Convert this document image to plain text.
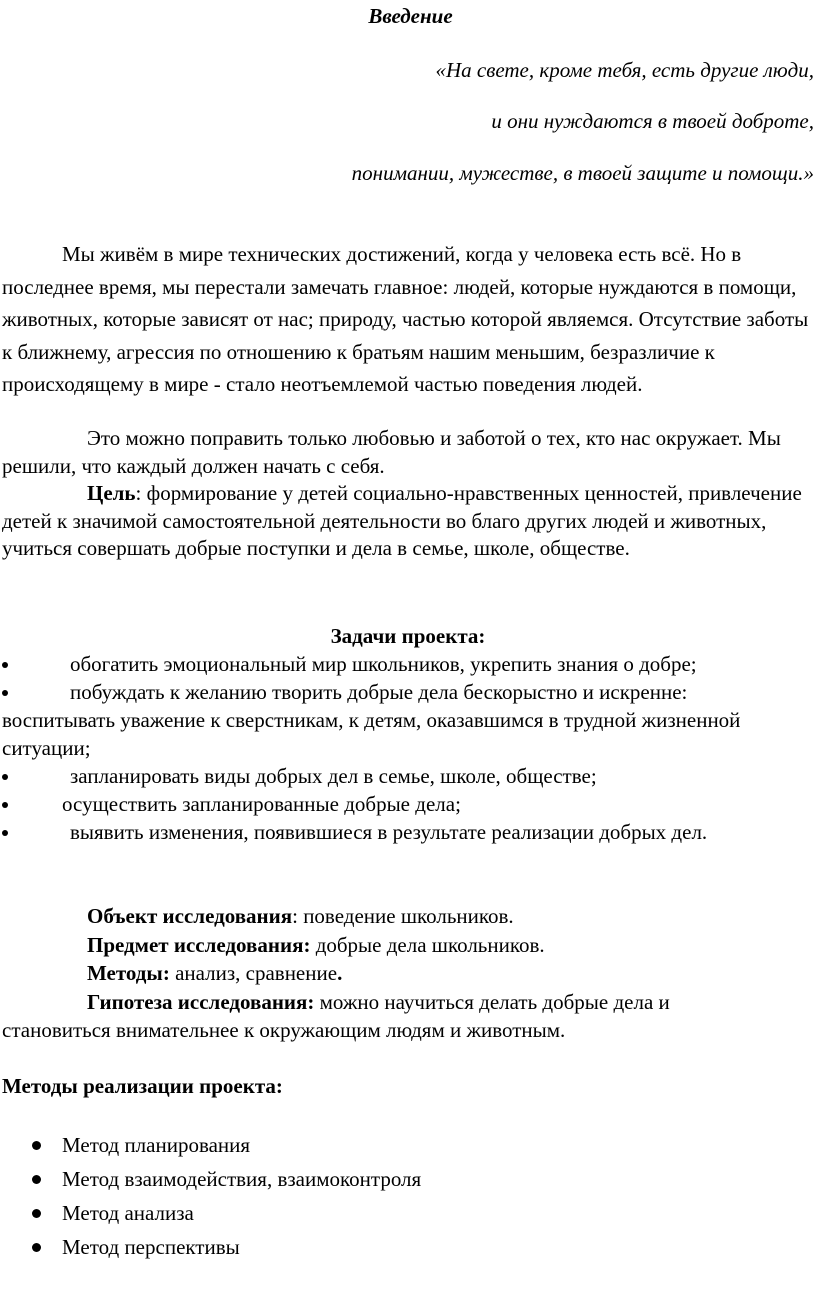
Введение
«На свете, кроме тебя, есть другие люди,
и они нуждаются в твоей доброте,
понимании, мужестве, в твоей защите и помощи.»

Мы живём в мире технических достижений, когда у человека есть всё. Но в последнее время, мы перестали замечать главное: людей, которые нуждаются в помощи, животных, которые зависят от нас; природу, частью которой являемся. Отсутствие заботы к ближнему, агрессия по отношению к братьям нашим меньшим, безразличие к происходящему в мире - стало неотъемлемой частью поведения людей.

Это можно поправить только любовью и заботой о тех, кто нас окружает. Мы решили, что каждый должен начать с себя.

Цель: формирование у детей социально-нравственных ценностей, привлечение детей к значимой самостоятельной деятельности во благо других людей и животных, учиться совершать добрые поступки и дела в семье, школе, обществе.

Задачи проекта:
обогатить эмоциональный мир школьников, укрепить знания о добре;
побуждать к желанию творить добрые дела бескорыстно и искренне:
воспитывать уважение к сверстникам, к детям, оказавшимся в трудной жизненной ситуации;
запланировать виды добрых дел в семье, школе, обществе;
осуществить запланированные добрые дела;
выявить изменения, появившиеся в результате реализации добрых дел.

Объект исследования: поведение школьников.

Предмет исследования: добрые дела школьников.

Методы: анализ, сравнение.

Гипотеза исследования: можно научиться делать добрые дела и

становиться внимательнее к окружающим людям и животным.

Методы реализации проекта:
Метод планирования
Метод взаимодействия, взаимоконтроля
Метод анализа
Метод перспективы
